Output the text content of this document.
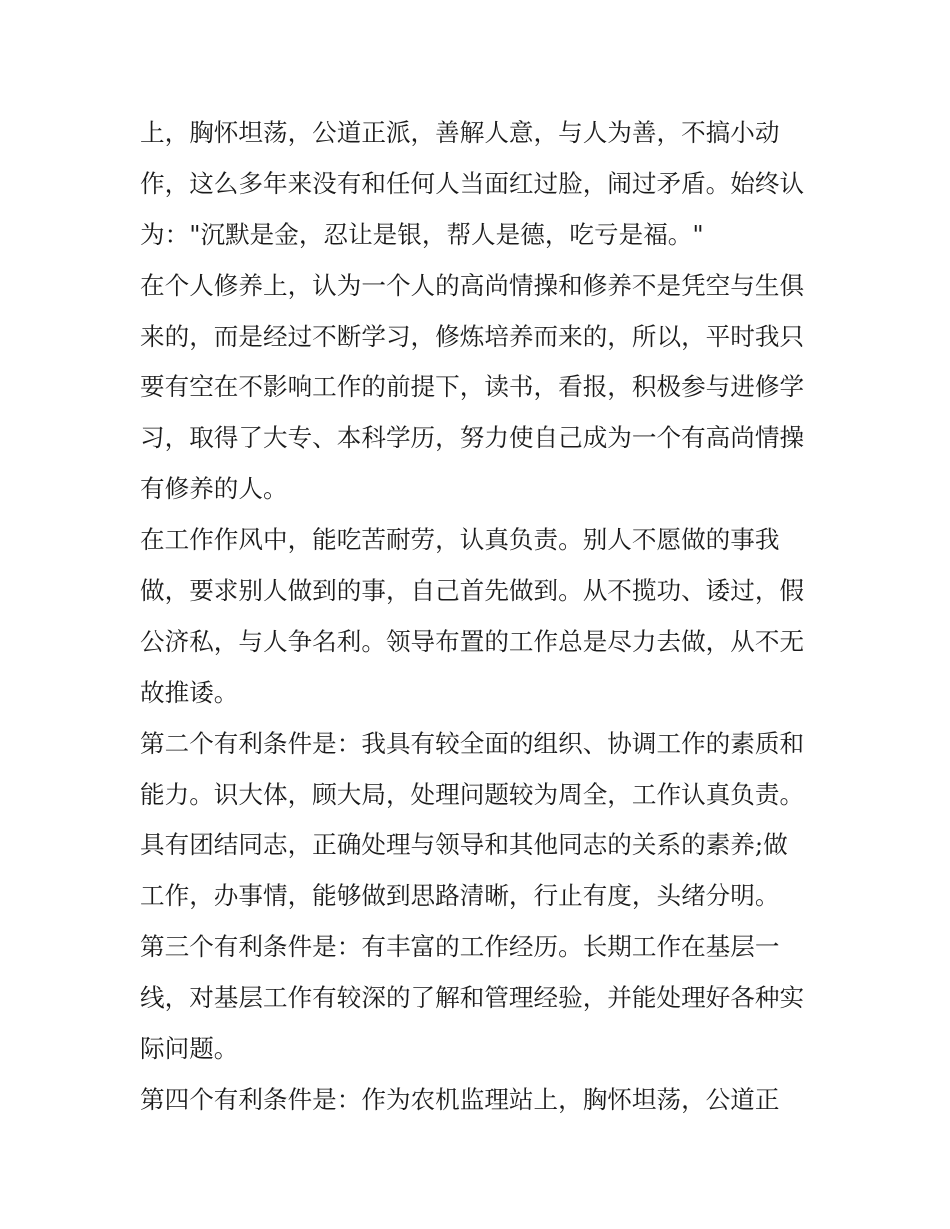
上，胸怀坦荡，公道正派，善解人意，与人为善，不搞小动
作，这么多年来没有和任何人当面红过脸，闹过矛盾。始终认
为："沉默是金，忍让是银，帮人是德，吃亏是福。"
在个人修养上，认为一个人的高尚情操和修养不是凭空与生俱
来的，而是经过不断学习，修炼培养而来的，所以，平时我只
要有空在不影响工作的前提下，读书，看报，积极参与进修学
习，取得了大专、本科学历，努力使自己成为一个有高尚情操
有修养的人。
在工作作风中，能吃苦耐劳，认真负责。别人不愿做的事我
做，要求别人做到的事，自己首先做到。从不揽功、诿过，假
公济私，与人争名利。领导布置的工作总是尽力去做，从不无
故推诿。
第二个有利条件是：我具有较全面的组织、协调工作的素质和
能力。识大体，顾大局，处理问题较为周全，工作认真负责。
具有团结同志，正确处理与领导和其他同志的关系的素养;做
工作，办事情，能够做到思路清晰，行止有度，头绪分明。
第三个有利条件是：有丰富的工作经历。长期工作在基层一
线，对基层工作有较深的了解和管理经验，并能处理好各种实
际问题。
第四个有利条件是：作为农机监理站上，胸怀坦荡，公道正
